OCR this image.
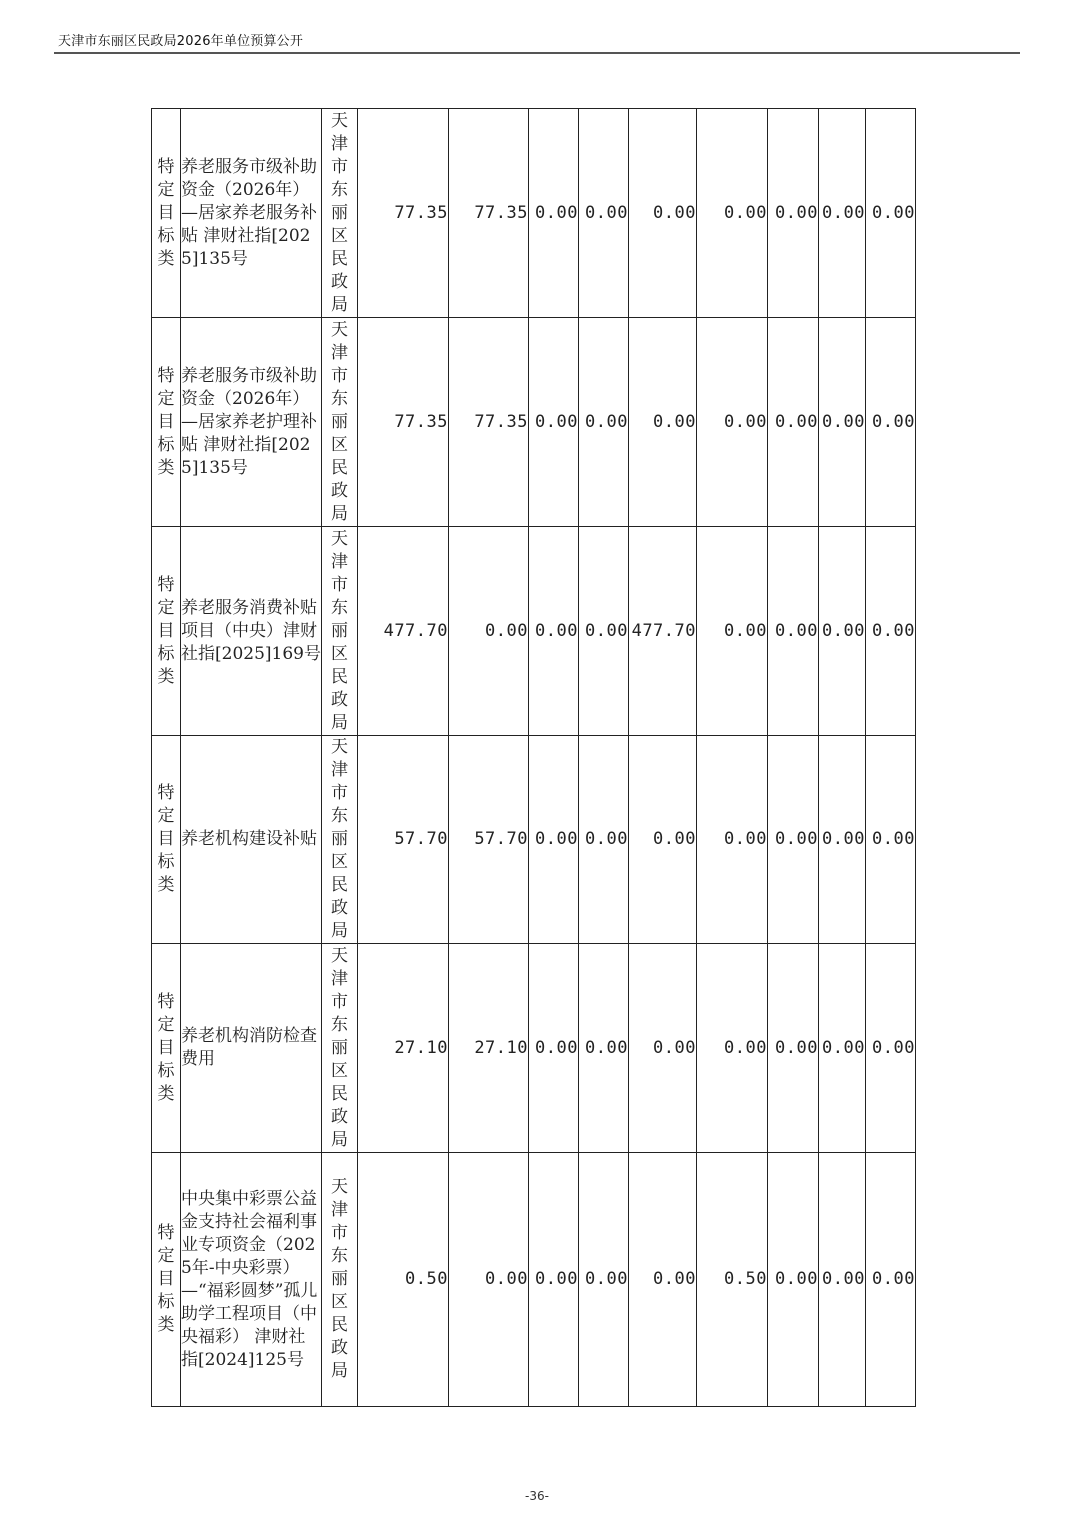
天津市东丽区民政局2026年单位预算公开
特定目标类	养老服务市级补助资金（2026年）—居家养老服务补贴 津财社指[2025]135号	天津市东丽区民政局	77.35	77.35	0.00	0.00	0.00	0.00	0.00	0.00	0.00
特定目标类	养老服务市级补助资金（2026年）—居家养老护理补贴 津财社指[2025]135号	天津市东丽区民政局	77.35	77.35	0.00	0.00	0.00	0.00	0.00	0.00	0.00
特定目标类	养老服务消费补贴项目（中央）津财社指[2025]169号	天津市东丽区民政局	477.70	0.00	0.00	0.00	477.70	0.00	0.00	0.00	0.00
特定目标类	养老机构建设补贴	天津市东丽区民政局	57.70	57.70	0.00	0.00	0.00	0.00	0.00	0.00	0.00
特定目标类	养老机构消防检查费用	天津市东丽区民政局	27.10	27.10	0.00	0.00	0.00	0.00	0.00	0.00	0.00
特定目标类	中央集中彩票公益金支持社会福利事业专项资金（2025年-中央彩票）—“福彩圆梦”孤儿助学工程项目（中央福彩） 津财社指[2024]125号	天津市东丽区民政局	0.50	0.00	0.00	0.00	0.00	0.50	0.00	0.00	0.00
-36-
